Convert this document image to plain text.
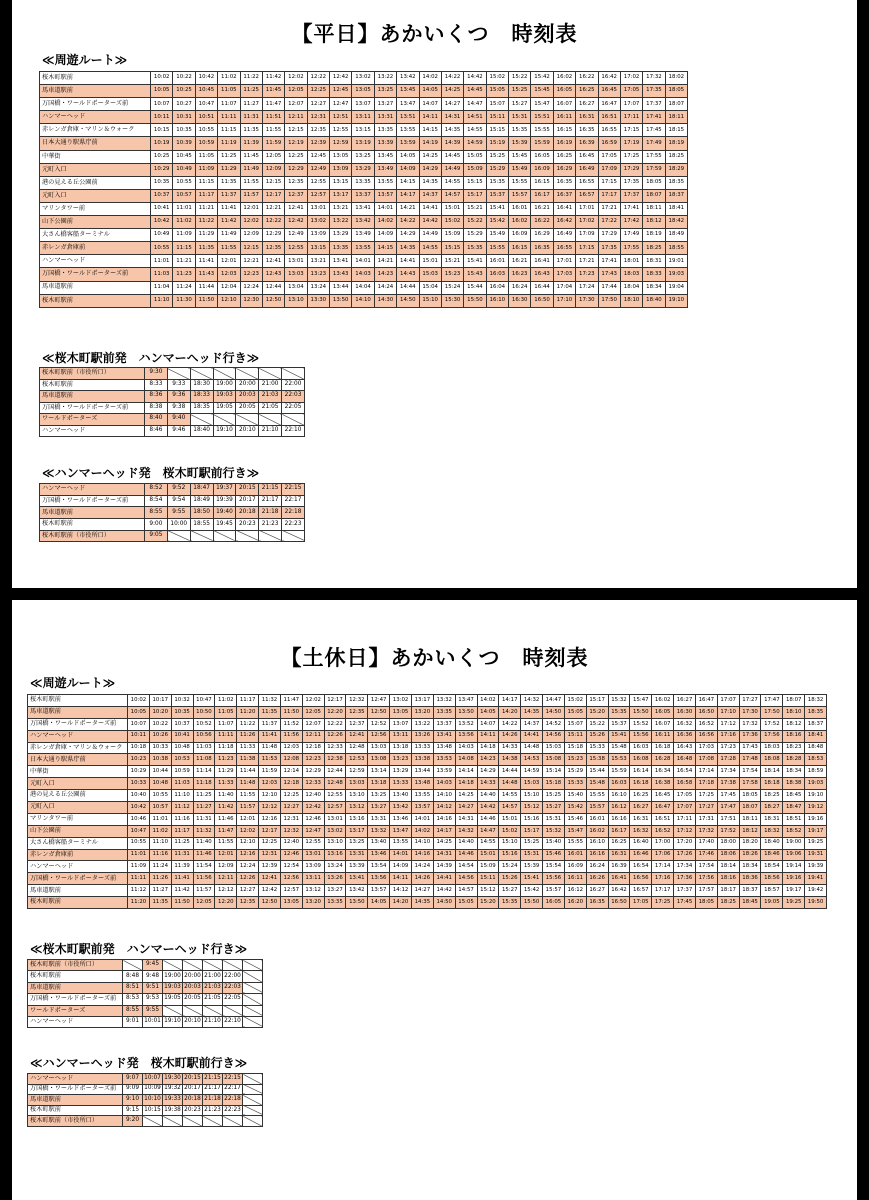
【平日】あかいくつ　時刻表
≪周遊ルート≫
桜木町駅前	10:02	10:22	10:42	11:02	11:22	11:42	12:02	12:22	12:42	13:02	13:22	13:42	14:02	14:22	14:42	15:02	15:22	15:42	16:02	16:22	16:42	17:02	17:32	18:02
馬車道駅前	10:05	10:25	10:45	11:05	11:25	11:45	12:05	12:25	12:45	13:05	13:25	13:45	14:05	14:25	14:45	15:05	15:25	15:45	16:05	16:25	16:45	17:05	17:35	18:05
万国橋・ワールドポーターズ前	10:07	10:27	10:47	11:07	11:27	11:47	12:07	12:27	12:47	13:07	13:27	13:47	14:07	14:27	14:47	15:07	15:27	15:47	16:07	16:27	16:47	17:07	17:37	18:07
ハンマーヘッド	10:11	10:31	10:51	11:11	11:31	11:51	12:11	12:31	12:51	13:11	13:31	13:51	14:11	14:31	14:51	15:11	15:31	15:51	16:11	16:31	16:51	17:11	17:41	18:11
赤レンガ倉庫・マリン＆ウォーク	10:15	10:35	10:55	11:15	11:35	11:55	12:15	12:35	12:55	13:15	13:35	13:55	14:15	14:35	14:55	15:15	15:35	15:55	16:15	16:35	16:55	17:15	17:45	18:15
日本大通り駅県庁前	10:19	10:39	10:59	11:19	11:39	11:59	12:19	12:39	12:59	13:19	13:39	13:59	14:19	14:39	14:59	15:19	15:39	15:59	16:19	16:39	16:59	17:19	17:49	18:19
中華街	10:25	10:45	11:05	11:25	11:45	12:05	12:25	12:45	13:05	13:25	13:45	14:05	14:25	14:45	15:05	15:25	15:45	16:05	16:25	16:45	17:05	17:25	17:55	18:25
元町入口	10:29	10:49	11:09	11:29	11:49	12:09	12:29	12:49	13:09	13:29	13:49	14:09	14:29	14:49	15:09	15:29	15:49	16:09	16:29	16:49	17:09	17:29	17:59	18:29
港の見える丘公園前	10:35	10:55	11:15	11:35	11:55	12:15	12:35	12:55	13:15	13:35	13:55	14:15	14:35	14:55	15:15	15:35	15:55	16:15	16:35	16:55	17:15	17:35	18:05	18:35
元町入口	10:37	10:57	11:17	11:37	11:57	12:17	12:37	12:57	13:17	13:37	13:57	14:17	14:37	14:57	15:17	15:37	15:57	16:17	16:37	16:57	17:17	17:37	18:07	18:37
マリンタワー前	10:41	11:01	11:21	11:41	12:01	12:21	12:41	13:01	13:21	13:41	14:01	14:21	14:41	15:01	15:21	15:41	16:01	16:21	16:41	17:01	17:21	17:41	18:11	18:41
山下公園前	10:42	11:02	11:22	11:42	12:02	12:22	12:42	13:02	13:22	13:42	14:02	14:22	14:42	15:02	15:22	15:42	16:02	16:22	16:42	17:02	17:22	17:42	18:12	18:42
大さん橋客船ターミナル	10:49	11:09	11:29	11:49	12:09	12:29	12:49	13:09	13:29	13:49	14:09	14:29	14:49	15:09	15:29	15:49	16:09	16:29	16:49	17:09	17:29	17:49	18:19	18:49
赤レンガ倉庫前	10:55	11:15	11:35	11:55	12:15	12:35	12:55	13:15	13:35	13:55	14:15	14:35	14:55	15:15	15:35	15:55	16:15	16:35	16:55	17:15	17:35	17:55	18:25	18:55
ハンマーヘッド	11:01	11:21	11:41	12:01	12:21	12:41	13:01	13:21	13:41	14:01	14:21	14:41	15:01	15:21	15:41	16:01	16:21	16:41	17:01	17:21	17:41	18:01	18:31	19:01
万国橋・ワールドポーターズ前	11:03	11:23	11:43	12:03	12:23	12:43	13:03	13:23	13:43	14:03	14:23	14:43	15:03	15:23	15:43	16:03	16:23	16:43	17:03	17:23	17:43	18:03	18:33	19:03
馬車道駅前	11:04	11:24	11:44	12:04	12:24	12:44	13:04	13:24	13:44	14:04	14:24	14:44	15:04	15:24	15:44	16:04	16:24	16:44	17:04	17:24	17:44	18:04	18:34	19:04
桜木町駅前	11:10	11:30	11:50	12:10	12:30	12:50	13:10	13:30	13:50	14:10	14:30	14:50	15:10	15:30	15:50	16:10	16:30	16:50	17:10	17:30	17:50	18:10	18:40	19:10
≪桜木町駅前発　ハンマーヘッド行き≫
桜木町駅前（市役所口）	9:30						
桜木町駅前	8:33	9:33	18:30	19:00	20:00	21:00	22:00
馬車道駅前	8:36	9:36	18:33	19:03	20:03	21:03	22:03
万国橋・ワールドポーターズ前	8:38	9:38	18:35	19:05	20:05	21:05	22:05
ワールドポーターズ	8:40	9:40					
ハンマーヘッド	8:46	9:46	18:40	19:10	20:10	21:10	22:10
≪ハンマーヘッド発　桜木町駅前行き≫
ハンマーヘッド	8:52	9:52	18:47	19:37	20:15	21:15	22:15
万国橋・ワールドポーターズ前	8:54	9:54	18:49	19:39	20:17	21:17	22:17
馬車道駅前	8:55	9:55	18:50	19:40	20:18	21:18	22:18
桜木町駅前	9:00	10:00	18:55	19:45	20:23	21:23	22:23
桜木町駅前（市役所口）	9:05						
【土休日】あかいくつ　時刻表
≪周遊ルート≫
桜木町駅前	10:02	10:17	10:32	10:47	11:02	11:17	11:32	11:47	12:02	12:17	12:32	12:47	13:02	13:17	13:32	13:47	14:02	14:17	14:32	14:47	15:02	15:17	15:32	15:47	16:02	16:27	16:47	17:07	17:27	17:47	18:07	18:32
馬車道駅前	10:05	10:20	10:35	10:50	11:05	11:20	11:35	11:50	12:05	12:20	12:35	12:50	13:05	13:20	13:35	13:50	14:05	14:20	14:35	14:50	15:05	15:20	15:35	15:50	16:05	16:30	16:50	17:10	17:30	17:50	18:10	18:35
万国橋・ワールドポーターズ前	10:07	10:22	10:37	10:52	11:07	11:22	11:37	11:52	12:07	12:22	12:37	12:52	13:07	13:22	13:37	13:52	14:07	14:22	14:37	14:52	15:07	15:22	15:37	15:52	16:07	16:32	16:52	17:12	17:32	17:52	18:12	18:37
ハンマーヘッド	10:11	10:26	10:41	10:56	11:11	11:26	11:41	11:56	12:11	12:26	12:41	12:56	13:11	13:26	13:41	13:56	14:11	14:26	14:41	14:56	15:11	15:26	15:41	15:56	16:11	16:36	16:56	17:16	17:36	17:56	18:16	18:41
赤レンガ倉庫・マリン＆ウォーク	10:18	10:33	10:48	11:03	11:18	11:33	11:48	12:03	12:18	12:33	12:48	13:03	13:18	13:33	13:48	14:03	14:18	14:33	14:48	15:03	15:18	15:33	15:48	16:03	16:18	16:43	17:03	17:23	17:43	18:03	18:23	18:48
日本大通り駅県庁前	10:23	10:38	10:53	11:08	11:23	11:38	11:53	12:08	12:23	12:38	12:53	13:08	13:23	13:38	13:53	14:08	14:23	14:38	14:53	15:08	15:23	15:38	15:53	16:08	16:28	16:48	17:08	17:28	17:48	18:08	18:28	18:53
中華街	10:29	10:44	10:59	11:14	11:29	11:44	11:59	12:14	12:29	12:44	12:59	13:14	13:29	13:44	13:59	14:14	14:29	14:44	14:59	15:14	15:29	15:44	15:59	16:14	16:34	16:54	17:14	17:34	17:54	18:14	18:34	18:59
元町入口	10:33	10:48	11:03	11:18	11:33	11:48	12:03	12:18	12:33	12:48	13:03	13:18	13:33	13:48	14:03	14:18	14:33	14:48	15:03	15:18	15:33	15:48	16:03	16:18	16:38	16:58	17:18	17:38	17:58	18:18	18:38	19:03
港の見える丘公園前	10:40	10:55	11:10	11:25	11:40	11:55	12:10	12:25	12:40	12:55	13:10	13:25	13:40	13:55	14:10	14:25	14:40	14:55	15:10	15:25	15:40	15:55	16:10	16:25	16:45	17:05	17:25	17:45	18:05	18:25	18:45	19:10
元町入口	10:42	10:57	11:12	11:27	11:42	11:57	12:12	12:27	12:42	12:57	13:12	13:27	13:42	13:57	14:12	14:27	14:42	14:57	15:12	15:27	15:42	15:57	16:12	16:27	16:47	17:07	17:27	17:47	18:07	18:27	18:47	19:12
マリンタワー前	10:46	11:01	11:16	11:31	11:46	12:01	12:16	12:31	12:46	13:01	13:16	13:31	13:46	14:01	14:16	14:31	14:46	15:01	15:16	15:31	15:46	16:01	16:16	16:31	16:51	17:11	17:31	17:51	18:11	18:31	18:51	19:16
山下公園前	10:47	11:02	11:17	11:32	11:47	12:02	12:17	12:32	12:47	13:02	13:17	13:32	13:47	14:02	14:17	14:32	14:47	15:02	15:17	15:32	15:47	16:02	16:17	16:32	16:52	17:12	17:32	17:52	18:12	18:32	18:52	19:17
大さん橋客船ターミナル	10:55	11:10	11:25	11:40	11:55	12:10	12:25	12:40	12:55	13:10	13:25	13:40	13:55	14:10	14:25	14:40	14:55	15:10	15:25	15:40	15:55	16:10	16:25	16:40	17:00	17:20	17:40	18:00	18:20	18:40	19:00	19:25
赤レンガ倉庫前	11:01	11:16	11:31	11:46	12:01	12:16	12:31	12:46	13:01	13:16	13:31	13:46	14:01	14:16	14:31	14:46	15:01	15:16	15:31	15:46	16:01	16:16	16:31	16:46	17:06	17:26	17:46	18:06	18:26	18:46	19:06	19:31
ハンマーヘッド	11:09	11:24	11:39	11:54	12:09	12:24	12:39	12:54	13:09	13:24	13:39	13:54	14:09	14:24	14:39	14:54	15:09	15:24	15:39	15:54	16:09	16:24	16:39	16:54	17:14	17:34	17:54	18:14	18:34	18:54	19:14	19:39
万国橋・ワールドポーターズ前	11:11	11:26	11:41	11:56	12:11	12:26	12:41	12:56	13:11	13:26	13:41	13:56	14:11	14:26	14:41	14:56	15:11	15:26	15:41	15:56	16:11	16:26	16:41	16:56	17:16	17:36	17:56	18:16	18:36	18:56	19:16	19:41
馬車道駅前	11:12	11:27	11:42	11:57	12:12	12:27	12:42	12:57	13:12	13:27	13:42	13:57	14:12	14:27	14:42	14:57	15:12	15:27	15:42	15:57	16:12	16:27	16:42	16:57	17:17	17:37	17:57	18:17	18:37	18:57	19:17	19:42
桜木町駅前	11:20	11:35	11:50	12:05	12:20	12:35	12:50	13:05	13:20	13:35	13:50	14:05	14:20	14:35	14:50	15:05	15:20	15:35	15:50	16:05	16:20	16:35	16:50	17:05	17:25	17:45	18:05	18:25	18:45	19:05	19:25	19:50
≪桜木町駅前発　ハンマーヘッド行き≫
桜木町駅前（市役所口）		9:45					
桜木町駅前	8:48	9:48	19:00	20:00	21:00	22:00	
馬車道駅前	8:51	9:51	19:03	20:03	21:03	22:03	
万国橋・ワールドポーターズ前	8:53	9:53	19:05	20:05	21:05	22:05	
ワールドポーターズ	8:55	9:55					
ハンマーヘッド	9:01	10:01	19:10	20:10	21:10	22:10	
≪ハンマーヘッド発　桜木町駅前行き≫
ハンマーヘッド	9:07	10:07	19:30	20:15	21:15	22:15	
万国橋・ワールドポーターズ前	9:09	10:09	19:32	20:17	21:17	22:17	
馬車道駅前	9:10	10:10	19:33	20:18	21:18	22:18	
桜木町駅前	9:15	10:15	19:38	20:23	21:23	22:23	
桜木町駅前（市役所口）	9:20						
